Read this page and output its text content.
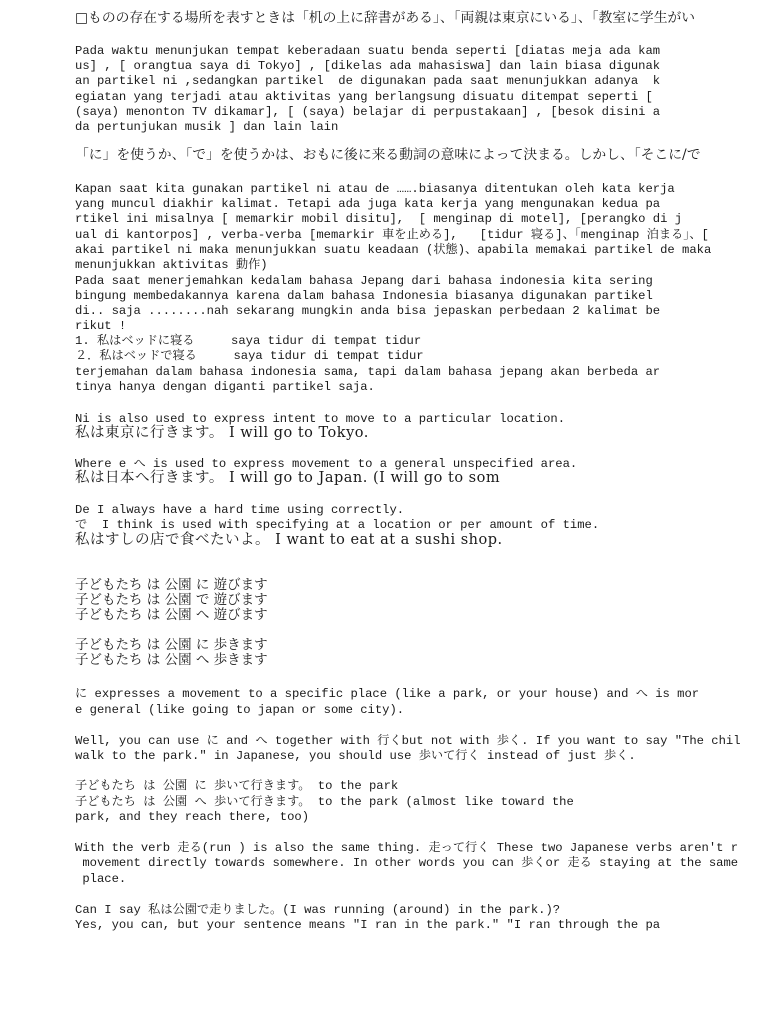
□ものの存在する場所を表すときは「机の上に辞書がある」、「両親は東京にいる」、「教室に学生がい
Pada waktu menunjukan tempat keberadaan suatu benda seperti [diatas meja ada kam
us] , [ orangtua saya di Tokyo] , [dikelas ada mahasiswa] dan lain biasa digunak
an partikel ni ,sedangkan partikel  de digunakan pada saat menunjukkan adanya  k
egiatan yang terjadi atau aktivitas yang berlangsung disuatu ditempat seperti [
(saya) menonton TV dikamar], [ (saya) belajar di perpustakaan] , [besok disini a
da pertunjukan musik ] dan lain lain
「に」を使うか、「で」を使うかは、おもに後に来る動詞の意味によって決まる。しかし、「そこに/で
Kapan saat kita gunakan partikel ni atau de …….biasanya ditentukan oleh kata kerja
yang muncul diakhir kalimat. Tetapi ada juga kata kerja yang mengunakan kedua pa
rtikel ini misalnya [ memarkir mobil disitu],  [ menginap di motel], [perangko di j
ual di kantorpos] , verba-verba [memarkir 車を止める],   [tidur 寝る]、「menginap 泊まる」、[
akai partikel ni maka menunjukkan suatu keadaan (状態)、apabila memakai partikel de maka
menunjukkan aktivitas 動作)
Pada saat menerjemahkan kedalam bahasa Jepang dari bahasa indonesia kita sering
bingung membedakannya karena dalam bahasa Indonesia biasanya digunakan partikel
di.. saja ........nah sekarang mungkin anda bisa jepaskan perbedaan 2 kalimat be
rikut !
1. 私はベッドに寝る     saya tidur di tempat tidur
２．私はベッドで寝る     saya tidur di tempat tidur
terjemahan dalam bahasa indonesia sama, tapi dalam bahasa jepang akan berbeda ar
tinya hanya dengan diganti partikel saja.
Ni is also used to express intent to move to a particular location.
私は東京に行きます。 I will go to Tokyo.
Where e へ is used to express movement to a general unspecified area.
私は日本へ行きます。 I will go to Japan. (I will go to som
De I always have a hard time using correctly.
で  I think is used with specifying at a location or per amount of time.
私はすしの店で食べたいよ。 I want to eat at a sushi shop.
子どもたち は 公園 に 遊びます
子どもたち は 公園 で 遊びます
子どもたち は 公園 へ 遊びます
子どもたち は 公園 に 歩きます
子どもたち は 公園 へ 歩きます
に expresses a movement to a specific place (like a park, or your house) and へ is mor
e general (like going to japan or some city).
Well, you can use に and へ together with 行くbut not with 歩く. If you want to say "The chil
walk to the park." in Japanese, you should use 歩いて行く instead of just 歩く.
子どもたち は 公園 に 歩いて行きます。 to the park
子どもたち は 公園 へ 歩いて行きます。 to the park (almost like toward the
park, and they reach there, too)
With the verb 走る(run ) is also the same thing. 走って行く These two Japanese verbs aren't r
movement directly towards somewhere. In other words you can 歩くor 走る staying at the same
place.
Can I say 私は公園で走りました。(I was running (around) in the park.)?
Yes, you can, but your sentence means "I ran in the park." "I ran through the pa
